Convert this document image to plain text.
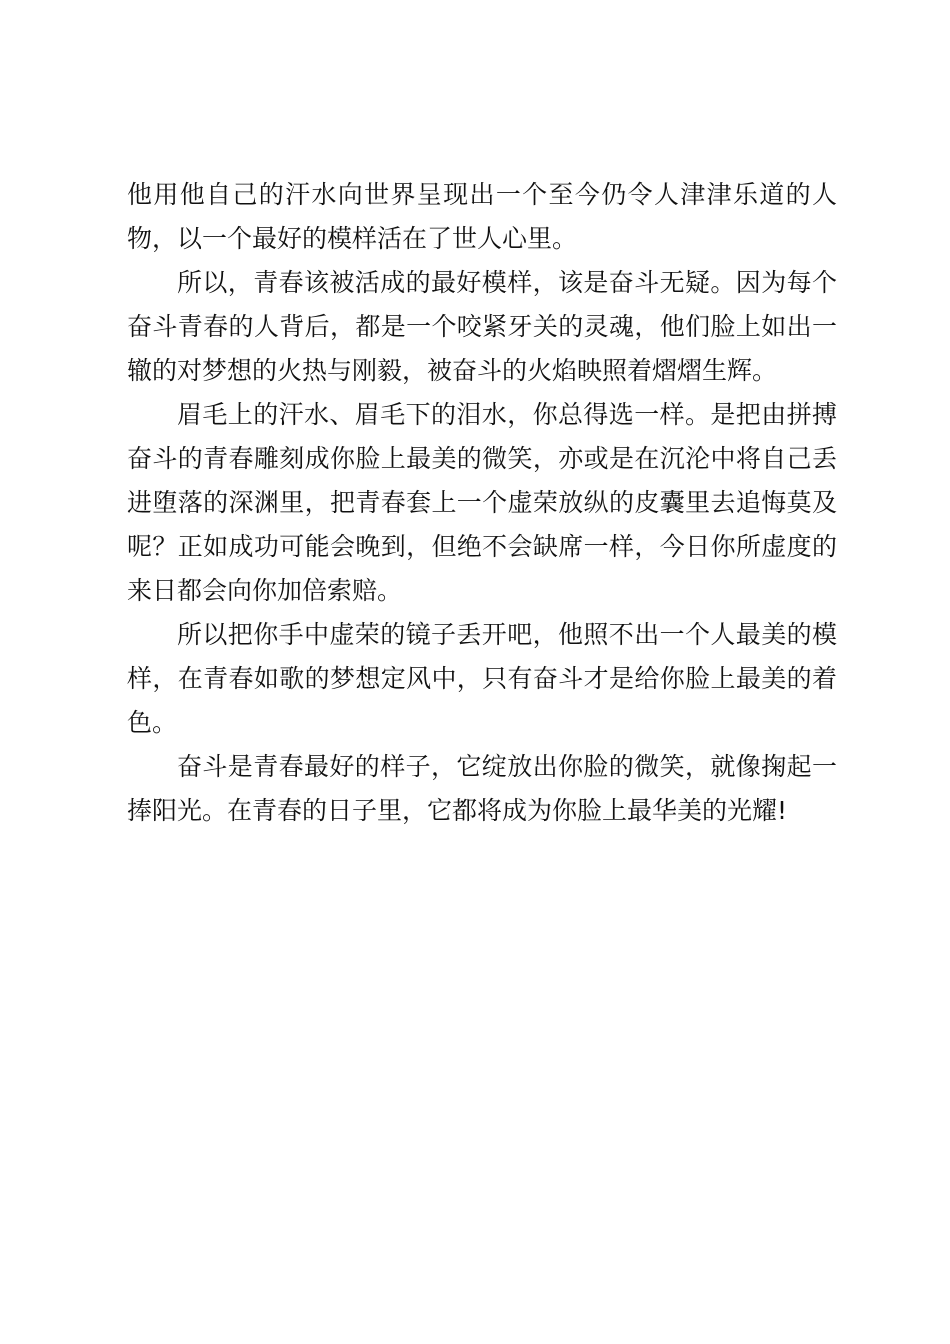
他用他自己的汗水向世界呈现出一个至今仍令人津津乐道的人物，以一个最好的模样活在了世人心里。

所以，青春该被活成的最好模样，该是奋斗无疑。因为每个奋斗青春的人背后，都是一个咬紧牙关的灵魂，他们脸上如出一辙的对梦想的火热与刚毅，被奋斗的火焰映照着熠熠生辉。

眉毛上的汗水、眉毛下的泪水，你总得选一样。是把由拼搏奋斗的青春雕刻成你脸上最美的微笑，亦或是在沉沦中将自己丢进堕落的深渊里，把青春套上一个虚荣放纵的皮囊里去追悔莫及呢？正如成功可能会晚到，但绝不会缺席一样，今日你所虚度的来日都会向你加倍索赔。

所以把你手中虚荣的镜子丢开吧，他照不出一个人最美的模样，在青春如歌的梦想定风中，只有奋斗才是给你脸上最美的着色。

奋斗是青春最好的样子，它绽放出你脸的微笑，就像掬起一捧阳光。在青春的日子里，它都将成为你脸上最华美的光耀!
